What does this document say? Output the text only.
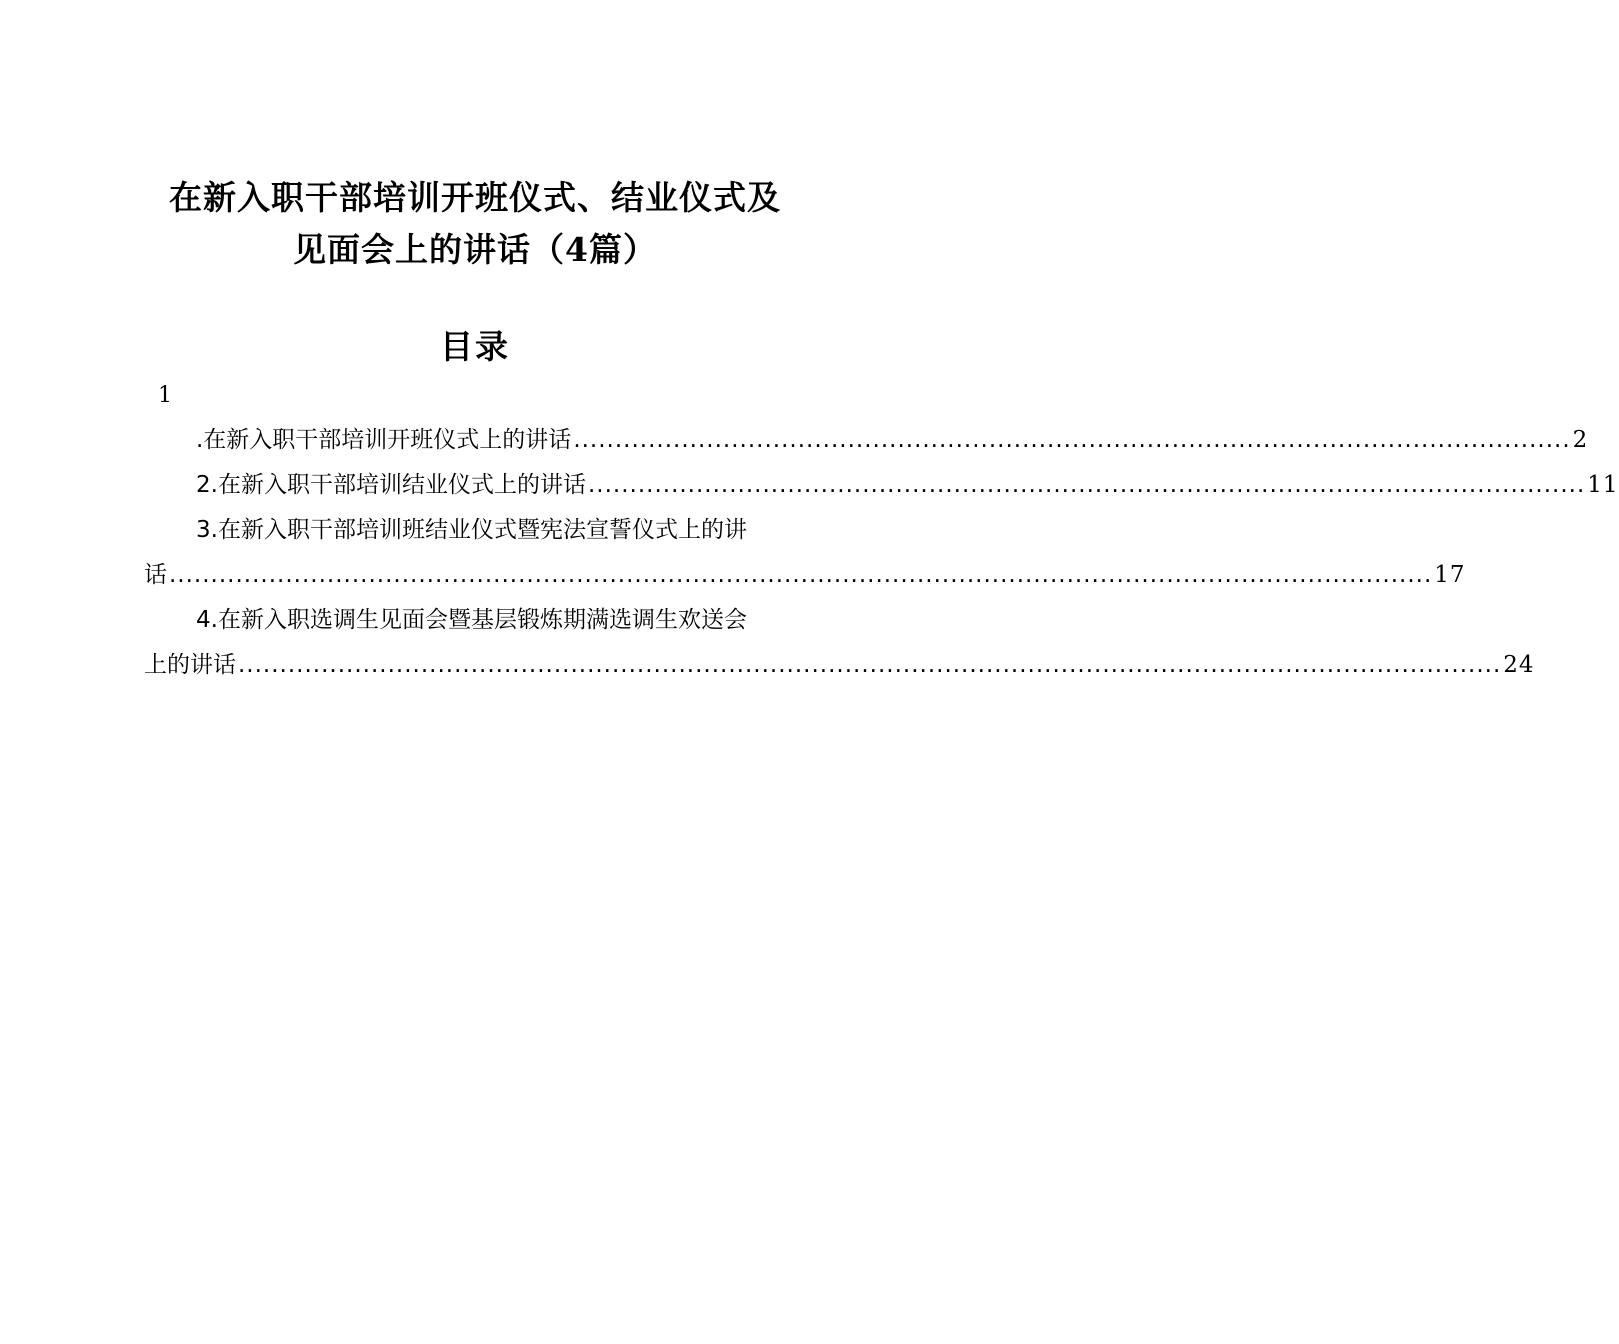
在新入职干部培训开班仪式、结业仪式及
见面会上的讲话（4篇）
目录
1
.在新入职干部培训开班仪式上的讲话 ........................................................................................................................ 2
2.在新入职干部培训结业仪式上的讲话 ........................................................................................................................ 11
3.在新入职干部培训班结业仪式暨宪法宣誓仪式上的讲
话 ........................................................................................................................................................ 17
4.在新入职选调生见面会暨基层锻炼期满选调生欢送会
上的讲话 ........................................................................................................................................................ 24
